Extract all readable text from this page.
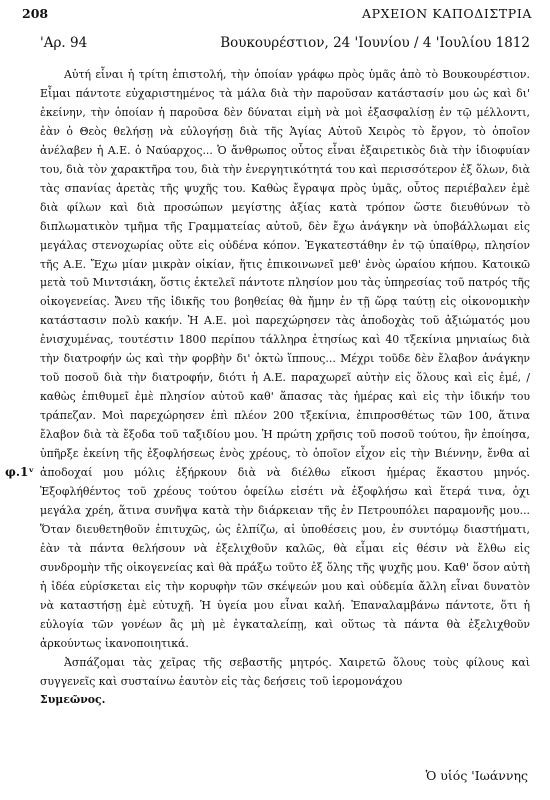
208	ΑΡΧΕΙΟΝ ΚΑΠΟΔΙΣΤΡΙΑ
'Αρ. 94	Βουκουρέστιον, 24 'Ιουνίου / 4 'Ιουλίου 1812
φ.1ᵛ

Αὐτή εἶναι ἡ τρίτη ἐπιστολή, τὴν ὁποίαν γράφω πρὸς ὑμᾶς ἀπὸ τὸ Βουκουρέστιον. Εἶμαι πάντοτε εὐχαριστημένος τὰ μάλα διὰ τὴν παροῦσαν κατάστασίν μου ὡς καὶ δι' ἐκείνην, τὴν ὁποίαν ἡ παροῦσα δὲν δύναται εἰμὴ νὰ μοὶ ἐξασφαλίσῃ ἐν τῷ μέλλοντι, ἐὰν ὁ Θεὸς θελήσῃ νὰ εὐλογήσῃ διὰ τῆς Ἁγίας Αὐτοῦ Χειρὸς τὸ ἔργον, τὸ ὁποῖον ἀνέλαβεν ἡ Α.Ε. ὁ Ναύαρχος... Ὁ ἄνθρωπος οὗτος εἶναι ἐξαιρετικὸς διὰ τὴν ἰδιοφυίαν του, διὰ τὸν χαρακτῆρα του, διὰ τὴν ἐνεργητικότητά του καὶ περισσότερον ἐξ ὅλων, διὰ τὰς σπανίας ἀρετὰς τῆς ψυχῆς του. Καθὼς ἔγραψα πρὸς ὑμᾶς, οὗτος περιέβαλεν ἐμὲ διὰ φίλων καὶ διὰ προσώπων μεγίστης ἀξίας κατὰ τρόπον ὥστε διευθύνων τὸ διπλωματικὸν τμῆμα τῆς Γραμματείας αὐτοῦ, δὲν ἔχω ἀνάγκην νὰ ὑποβάλλωμαι εἰς μεγάλας στενοχωρίας οὔτε εἰς οὐδένα κόπον. Ἐγκατεστάθην ἐν τῷ ὑπαίθρῳ, πλησίον τῆς Α.Ε. Ἔχω μίαν μικρὰν οἰκίαν, ἥτις ἐπικοινωνεῖ μεθ' ἑνὸς ὡραίου κήπου. Κατοικῶ μετὰ τοῦ Μιντσιάκη, ὅστις ἐκτελεῖ πάντοτε πλησίον μου τὰς ὑπηρεσίας τοῦ πατρός τῆς οἰκογενείας. Ἄνευ τῆς ἰδικῆς του βοηθείας θὰ ἤμην ἐν τῇ ὥρᾳ ταύτῃ εἰς οἰκονομικὴν κατάστασιν πολὺ κακήν. Ἡ Α.Ε. μοὶ παρεχώρησεν τὰς ἀποδοχὰς τοῦ ἀξιώματός μου ἐνισχυμένας, τουτέστιν 1800 περίπου τάλληρα ἐτησίως καὶ 40 τξεκίνια μηνιαίως διὰ τὴν διατροφήν ὡς καὶ τὴν φορβὴν δι' ὀκτὼ ἵππους... Μέχρι τοῦδε δὲν ἔλαβον ἀνάγκην τοῦ ποσοῦ διὰ τὴν διατροφήν, διότι ἡ Α.Ε. παραχωρεῖ αὐτὴν εἰς ὅλους καὶ εἰς ἐμέ, / καθὼς ἐπιθυμεῖ ἐμὲ πλησίον αὐτοῦ καθ' ἅπασας τὰς ἡμέρας καὶ εἰς τὴν ἰδικήν του τράπεζαν. Μοὶ παρεχώρησεν ἐπὶ πλέον 200 τξεκίνια, ἐπιπροσθέτως τῶν 100, ἅτινα ἔλαβον διὰ τὰ ἔξοδα τοῦ ταξιδίου μου. Ἡ πρώτη χρῆσις τοῦ ποσοῦ τούτου, ἣν ἐποίησα, ὑπῆρξε ἐκείνη τῆς ἐξοφλήσεως ἑνὸς χρέους, τὸ ὁποῖον εἶχον εἰς τὴν Βιέννην, ἔνθα αἱ ἀποδοχαί μου μόλις ἐξήρκουν διὰ νὰ διέλθω εἴκοσι ἡμέρας ἕκαστου μηνός. Ἐξοφλήθέντος τοῦ χρέους τούτου ὀφείλω εἰσέτι νὰ ἐξοφλήσω καὶ ἕτερά τινα, ὀχι μεγάλα χρέη, ἅτινα συνῆψα κατὰ τὴν διάρκειαν τῆς ἐν Πετρουπόλει παραμονῆς μου... Ὅταν διευθετηθοῦν ἐπιτυχῶς, ὡς ἐλπίζω, αἱ ὑποθέσεις μου, ἐν συντόμῳ διαστήματι, ἐὰν τὰ πάντα θελήσουν νὰ ἐξελιχθοῦν καλῶς, θὰ εἶμαι εἰς θέσιν νὰ ἔλθω εἰς συνδρομὴν τῆς οἰκογενείας καὶ θὰ πράξω τοῦτο ἐξ ὅλης τῆς ψυχῆς μου. Καθ' ὅσον αὐτὴ ἡ ἰδέα εὑρίσκεται εἰς τὴν κορυφὴν τῶν σκέψεών μου καὶ οὐδεμία ἄλλη εἶναι δυνατὸν νὰ καταστήσῃ ἐμὲ εὐτυχῆ. Ἡ ὑγεία μου εἶναι καλή. Ἐπαναλαμβάνω πάντοτε, ὅτι ἡ εὐλογία τῶν γονέων ἂς μὴ μὲ ἐγκαταλείπῃ, καὶ οὕτως τὰ πάντα θὰ ἐξελιχθοῦν ἀρκούντως ἱκανοποιητικά.

Ἀσπάζομαι τὰς χεῖρας τῆς σεβαστῆς μητρός. Χαιρετῶ ὅλους τοὺς φίλους καὶ συγγενεῖς καὶ συσταίνω ἑαυτὸν εἰς τὰς δεήσεις τοῦ ἱερομονάχου

Συμεῶνος.

Ὁ υἱός 'Ιωάννης
